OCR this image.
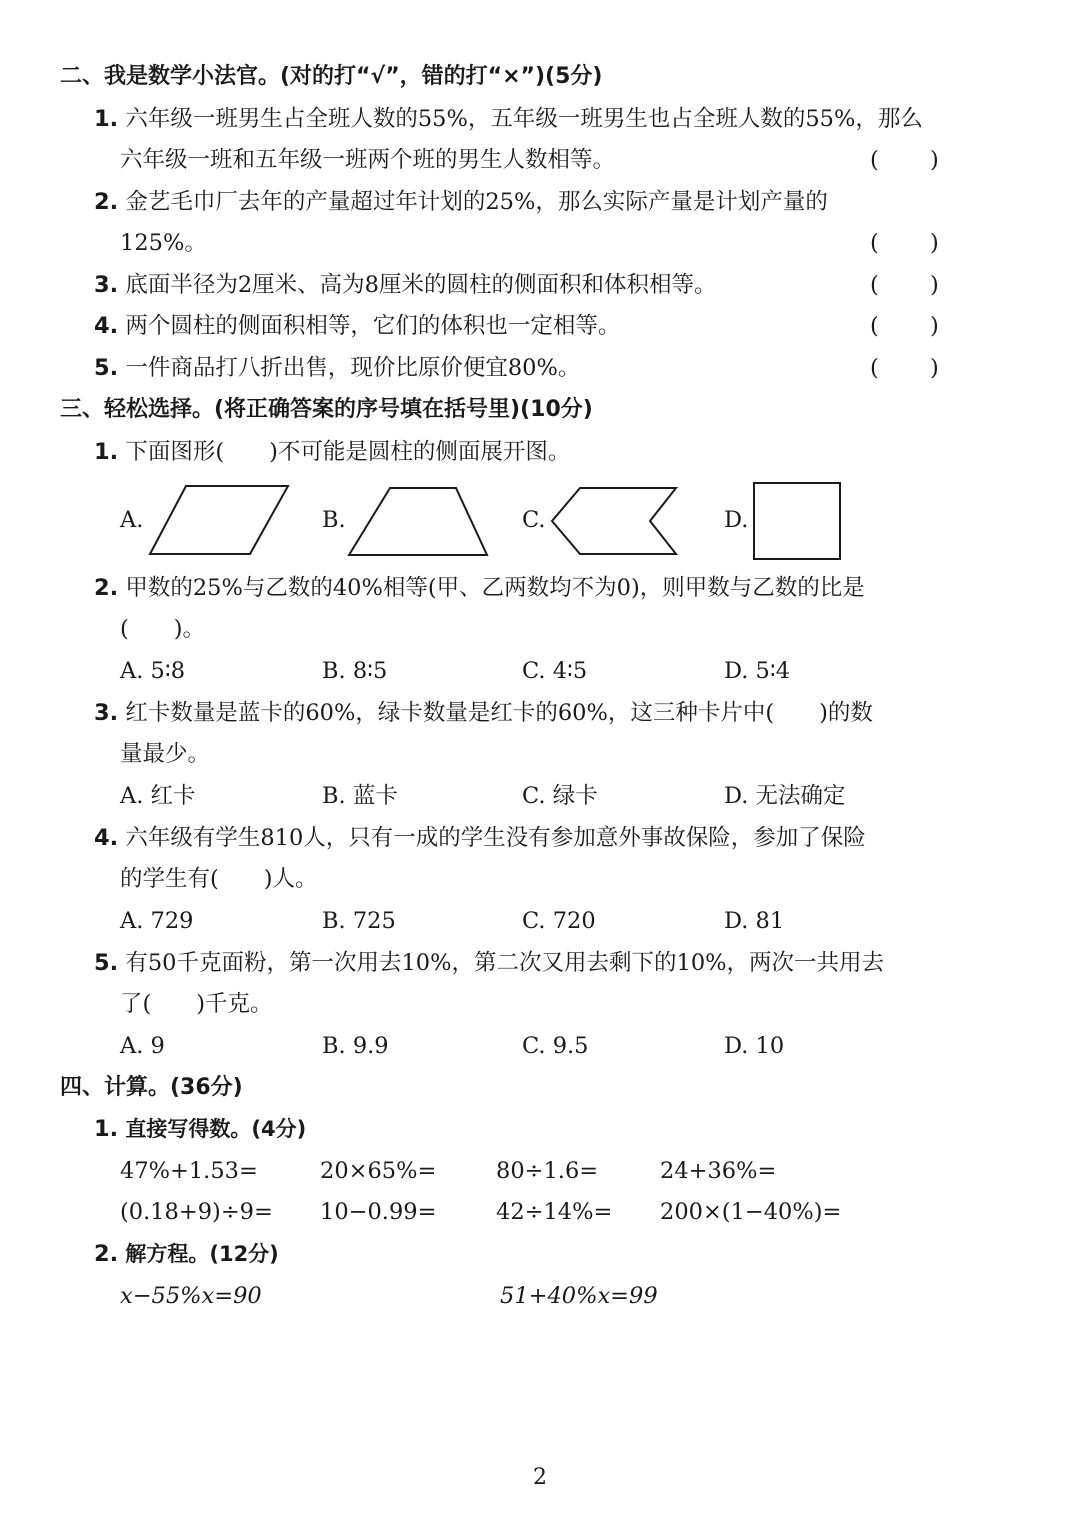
二、我是数学小法官。(对的打“√”，错的打“×”)(5分)
1. 六年级一班男生占全班人数的55%，五年级一班男生也占全班人数的55%，那么
六年级一班和五年级一班两个班的男生人数相等。	( )
2. 金艺毛巾厂去年的产量超过年计划的25%，那么实际产量是计划产量的
125%。	( )
3. 底面半径为2厘米、高为8厘米的圆柱的侧面积和体积相等。	( )
4. 两个圆柱的侧面积相等，它们的体积也一定相等。	( )
5. 一件商品打八折出售，现价比原价便宜80%。	( )
三、轻松选择。(将正确答案的序号填在括号里)(10分)
1. 下面图形(　　)不可能是圆柱的侧面展开图。
A.	B.	C.	D.
2. 甲数的25%与乙数的40%相等(甲、乙两数均不为0)，则甲数与乙数的比是
(　　)。
A. 5∶8	B. 8∶5	C. 4∶5	D. 5∶4
3. 红卡数量是蓝卡的60%，绿卡数量是红卡的60%，这三种卡片中(　　)的数
量最少。
A. 红卡	B. 蓝卡	C. 绿卡	D. 无法确定
4. 六年级有学生810人，只有一成的学生没有参加意外事故保险，参加了保险
的学生有(　　)人。
A. 729	B. 725	C. 720	D. 81
5. 有50千克面粉，第一次用去10%，第二次又用去剩下的10%，两次一共用去
了(　　)千克。
A. 9	B. 9.9	C. 9.5	D. 10
四、计算。(36分)
1. 直接写得数。(4分)
47%+1.53=	20×65%=	80÷1.6=	24+36%=
(0.18+9)÷9= 10−0.99=	42÷14%= 200×(1−40%)=
2. 解方程。(12分)
x−55%x=90	51+40%x=99
2
